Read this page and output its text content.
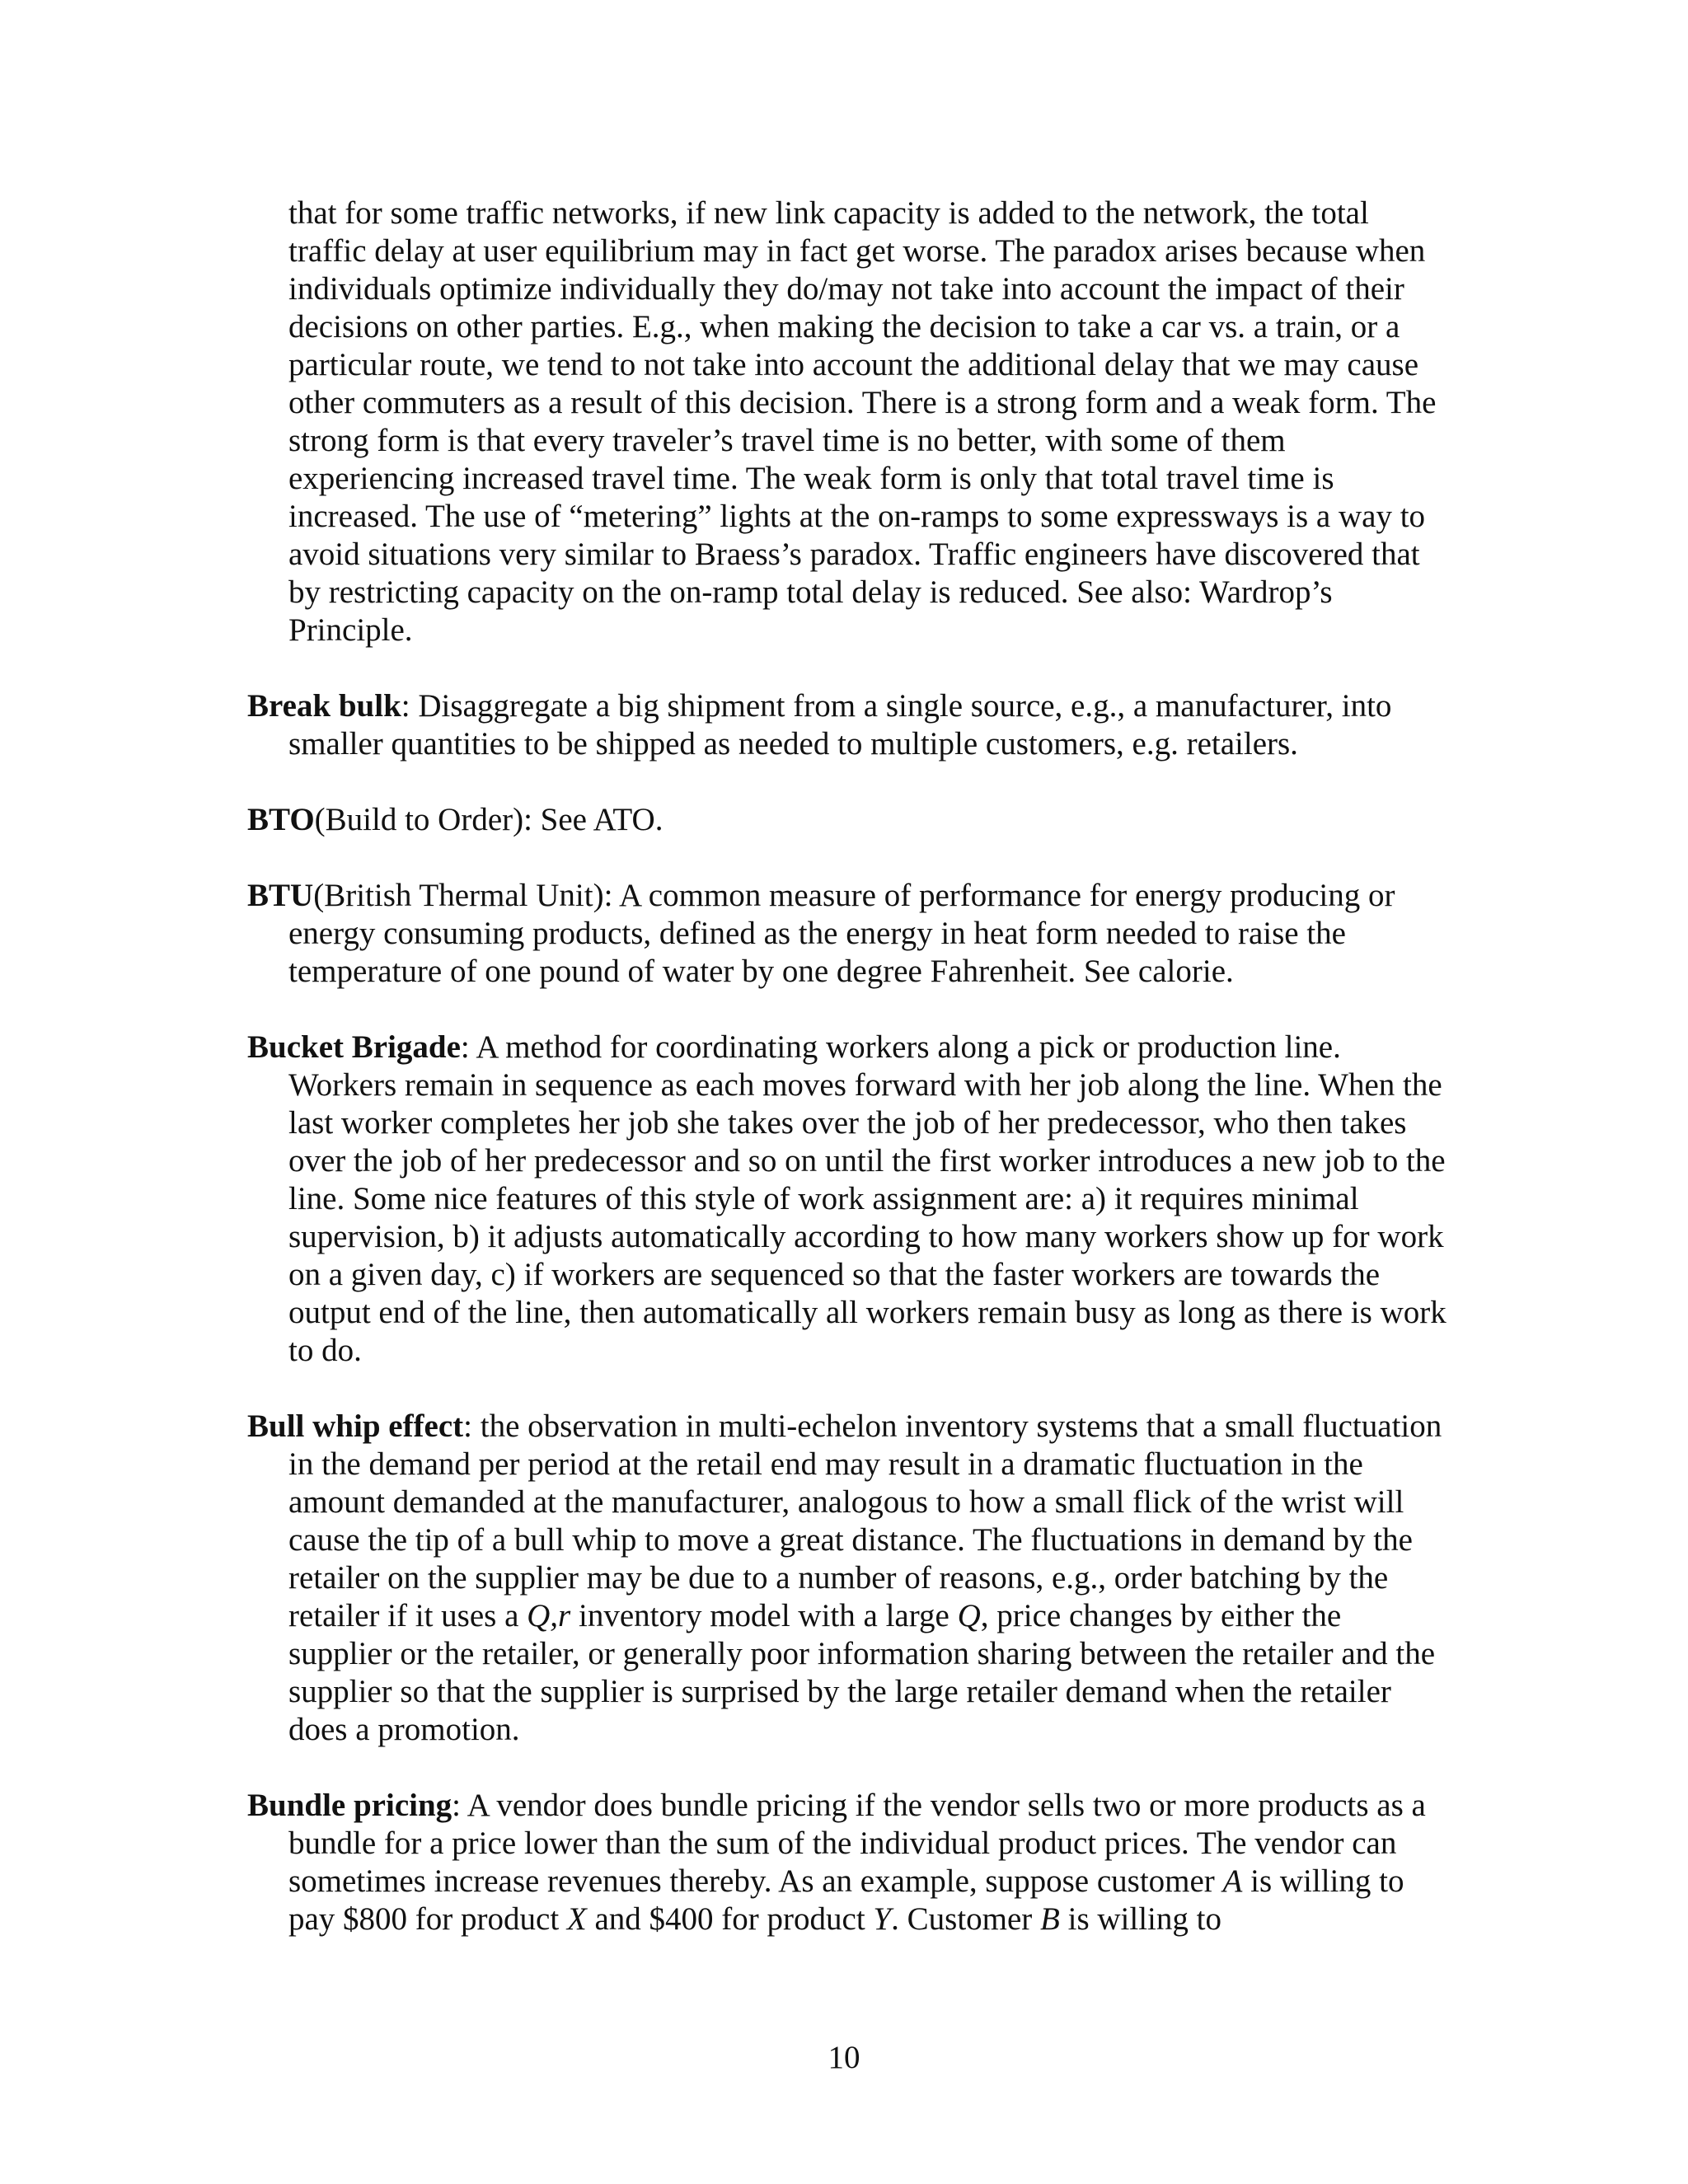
that for some traffic networks, if new link capacity is added to the network, the total traffic delay at user equilibrium may in fact get worse. The paradox arises because when individuals optimize individually they do/may not take into account the impact of their decisions on other parties. E.g., when making the decision to take a car vs. a train, or a particular route, we tend to not take into account the additional delay that we may cause other commuters as a result of this decision. There is a strong form and a weak form. The strong form is that every traveler’s travel time is no better, with some of them experiencing increased travel time. The weak form is only that total travel time is increased. The use of “metering” lights at the on-ramps to some expressways is a way to avoid situations very similar to Braess’s paradox. Traffic engineers have discovered that by restricting capacity on the on-ramp total delay is reduced. See also: Wardrop’s Principle.

Break bulk: Disaggregate a big shipment from a single source, e.g., a manufacturer, into smaller quantities to be shipped as needed to multiple customers, e.g. retailers.

BTO(Build to Order): See ATO.

BTU(British Thermal Unit): A common measure of performance for energy producing or energy consuming products, defined as the energy in heat form needed to raise the temperature of one pound of water by one degree Fahrenheit. See calorie.

Bucket Brigade: A method for coordinating workers along a pick or production line. Workers remain in sequence as each moves forward with her job along the line. When the last worker completes her job she takes over the job of her predecessor, who then takes over the job of her predecessor and so on until the first worker introduces a new job to the line. Some nice features of this style of work assignment are: a) it requires minimal supervision, b) it adjusts automatically according to how many workers show up for work on a given day, c) if workers are sequenced so that the faster workers are towards the output end of the line, then automatically all workers remain busy as long as there is work to do.

Bull whip effect: the observation in multi-echelon inventory systems that a small fluctuation in the demand per period at the retail end may result in a dramatic fluctuation in the amount demanded at the manufacturer, analogous to how a small flick of the wrist will cause the tip of a bull whip to move a great distance. The fluctuations in demand by the retailer on the supplier may be due to a number of reasons, e.g., order batching by the retailer if it uses a Q,r inventory model with a large Q, price changes by either the supplier or the retailer, or generally poor information sharing between the retailer and the supplier so that the supplier is surprised by the large retailer demand when the retailer does a promotion.

Bundle pricing: A vendor does bundle pricing if the vendor sells two or more products as a bundle for a price lower than the sum of the individual product prices. The vendor can sometimes increase revenues thereby. As an example, suppose customer A is willing to pay $800 for product X and $400 for product Y. Customer B is willing to

10
